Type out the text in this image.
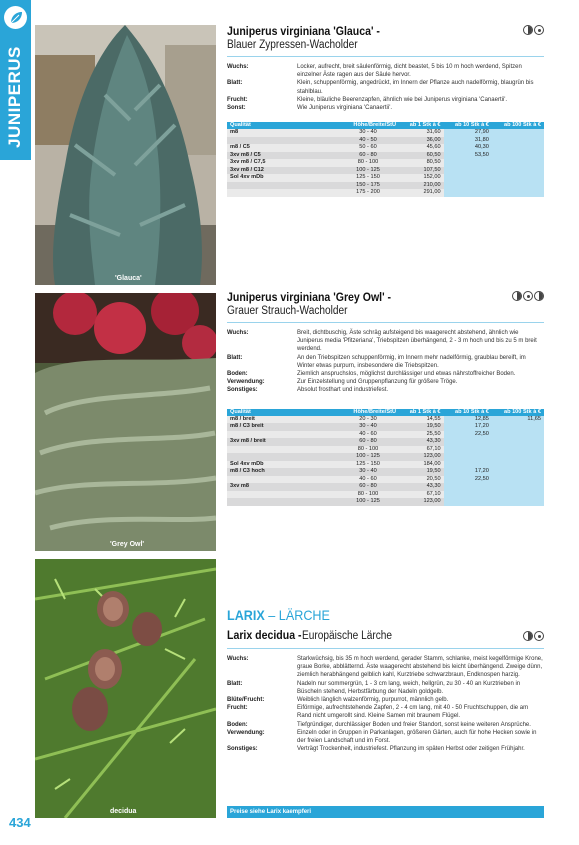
JUNIPERUS
'Glauca'
'Grey Owl'
decidua
Juniperus virginiana 'Glauca' -
Blauer Zypressen-Wacholder
Wuchs:	Locker, aufrecht, breit säulenförmig, dicht beastet, 5 bis 10 m hoch werdend, Spitzen einzelner Äste ragen aus der Säule hervor.
Blatt:	Klein, schuppenförmig, angedrückt, im Innern der Pflanze auch nadelförmig, blaugrün bis stahlblau.
Frucht:	Kleine, bläuliche Beerenzapfen, ähnlich wie bei Juniperus virginiana 'Canaertii'.
Sonst:	Wie Juniperus virginiana 'Canaertii'.
Qualität	Höhe/Breite/StU	ab 1 Stk à €	ab 10 Stk à €	ab 100 Stk à €
m8	30 - 40	31,60	27,90	
	40 - 50	36,00	31,80	
m8 / C5	50 - 60	45,60	40,30	
3xv m8 / C5	60 - 80	60,50	53,50	
3xv m8 / C7,5	80 - 100	80,50		
3xv m8 / C12	100 - 125	107,50		
Sol 4xv mDb	125 - 150	152,00		
	150 - 175	210,00		
	175 - 200	291,00		
Juniperus virginiana 'Grey Owl' -
Grauer Strauch-Wacholder
Wuchs:	Breit, dichtbuschig, Äste schräg aufsteigend bis waagerecht abstehend, ähnlich wie Juniperus media 'Pfitzeriana', Triebspitzen überhängend, 2 - 3 m hoch und bis zu 5 m breit werdend.
Blatt:	An den Triebspitzen schuppenförmig, im Innern mehr nadelförmig, graublau bereift, im Winter etwas purpurn, insbesondere die Triebspitzen.
Boden:	Ziemlich anspruchslos, möglichst durchlässiger und etwas nährstoffreicher Boden.
Verwendung:	Zur Einzelstellung und Gruppenpflanzung für größere Tröge.
Sonstiges:	Absolut frosthart und industriefest.
Qualität	Höhe/Breite/StU	ab 1 Stk à €	ab 10 Stk à €	ab 100 Stk à €
m8 / breit	20 - 30	14,55	12,85	11,65
m8 / C3 breit	30 - 40	19,50	17,20	
	40 - 60	25,50	22,50	
3xv m8 / breit	60 - 80	43,30		
	80 - 100	67,10		
	100 - 125	123,00		
Sol 4xv mDb	125 - 150	184,00		
m8 / C3 hoch	30 - 40	19,50	17,20	
	40 - 60	20,50	22,50	
3xv m8	60 - 80	43,30		
	80 - 100	67,10		
	100 - 125	123,00		
LARIX – LÄRCHE
Larix decidua -Europäische Lärche
Wuchs:	Starkwüchsig, bis 35 m hoch werdend, gerader Stamm, schlanke, meist kegelförmige Krone, graue Borke, abblätternd. Äste waagerecht abstehend bis leicht überhängend. Zweige dünn, ziemlich herabhängend gelblich kahl, Kurztriebe schwarzbraun, Endknospen harzig.
Blatt:	Nadeln nur sommergrün, 1 - 3 cm lang, weich, hellgrün, zu 30 - 40 an Kurztrieben in Büscheln stehend, Herbstfärbung der Nadeln goldgelb.
Blüte/Frucht:	Weiblich länglich walzenförmig, purpurrot, männlich gelb.
Frucht:	Eiförmige, aufrechtstehende Zapfen, 2 - 4 cm lang, mit 40 - 50 Fruchtschuppen, die am Rand nicht umgerollt sind. Kleine Samen mit braunem Flügel.
Boden:	Tiefgründiger, durchlässiger Boden und freier Standort, sonst keine weiteren Ansprüche.
Verwendung:	Einzeln oder in Gruppen in Parkanlagen, größeren Gärten, auch für hohe Hecken sowie in der freien Landschaft und im Forst.
Sonstiges:	Verträgt Trockenheit, industriefest. Pflanzung im späten Herbst oder zeitigen Frühjahr.
Preise siehe Larix kaempferi
434
